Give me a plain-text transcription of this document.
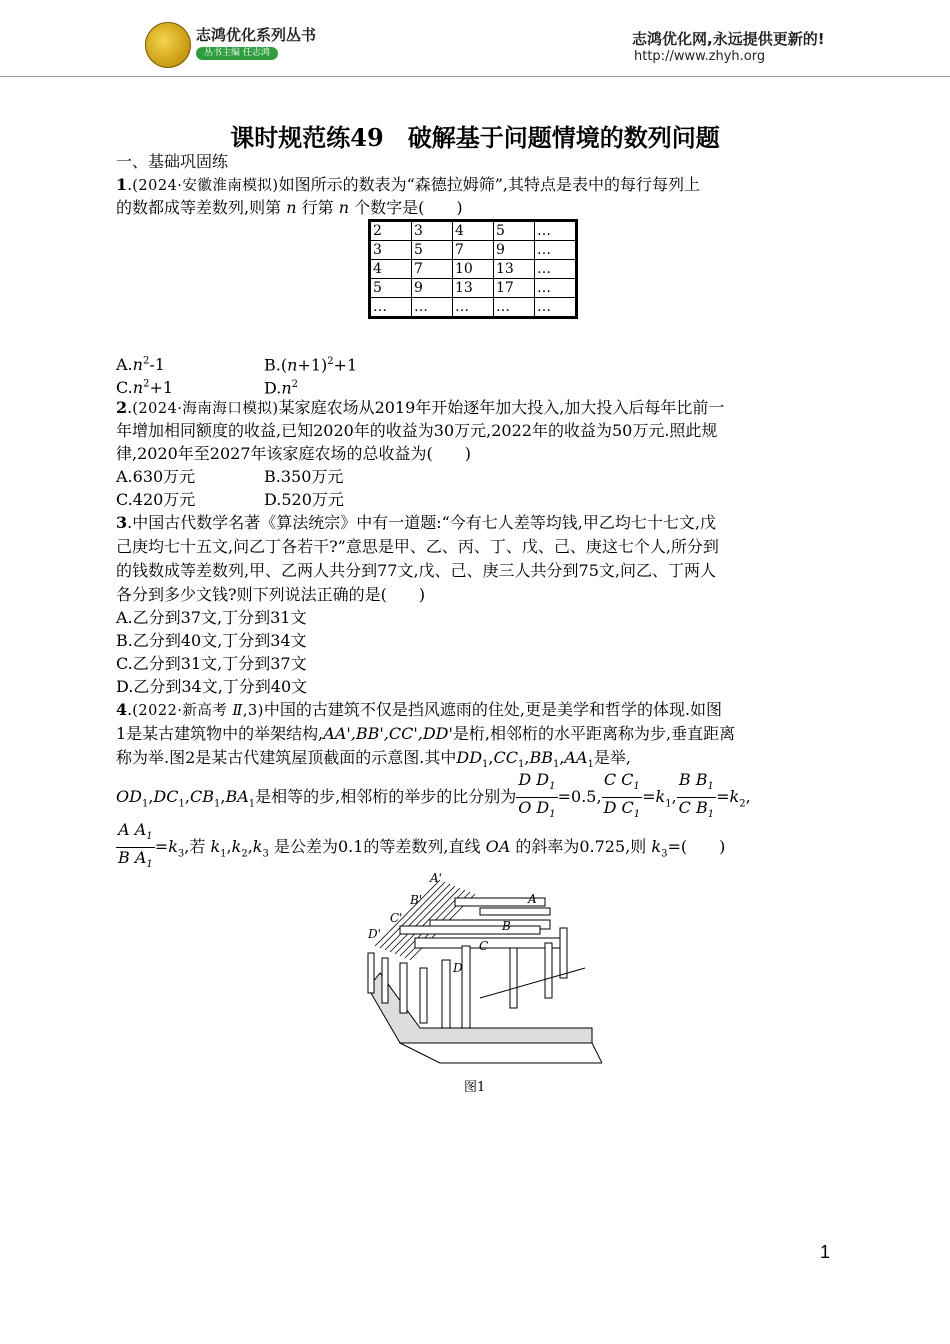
志鸿优化系列丛书
丛书主编 任志鸿
志鸿优化网,永远提供更新的!
http://www.zhyh.org
课时规范练49　破解基于问题情境的数列问题
一、基础巩固练
1.(2024·安徽淮南模拟)如图所示的数表为“森德拉姆筛”,其特点是表中的每行每列上
的数都成等差数列,则第 n 行第 n 个数字是(　　)
2	3	4	5	…
3	5	7	9	…
4	7	10	13	…
5	9	13	17	…
…	…	…	…	…
$A.n^2-1$	$B.(n+1)^2+1$
$C.n^2+1$	$D.n^2$
2.(2024·海南海口模拟)某家庭农场从2019年开始逐年加大投入,加大投入后每年比前一
年增加相同额度的收益,已知2020年的收益为30万元,2022年的收益为50万元.照此规
律,2020年至2027年该家庭农场的总收益为(　　)
A.630万元	B.350万元
C.420万元	D.520万元
3.中国古代数学名著《算法统宗》中有一道题:“今有七人差等均钱,甲乙均七十七文,戊
己庚均七十五文,问乙丁各若干?”意思是甲、乙、丙、丁、戊、己、庚这七个人,所分到
的钱数成等差数列,甲、乙两人共分到77文,戊、己、庚三人共分到75文,问乙、丁两人
各分到多少文钱?则下列说法正确的是(　　)
A.乙分到37文,丁分到31文
B.乙分到40文,丁分到34文
C.乙分到31文,丁分到37文
D.乙分到34文,丁分到40文
4.(2022·新高考 Ⅱ,3)中国的古建筑不仅是挡风遮雨的住处,更是美学和哲学的体现.如图
1是某古建筑物中的举架结构,AA',BB',CC',DD'是桁,相邻桁的水平距离称为步,垂直距离
称为举.图2是某古代建筑屋顶截面的示意图.其中$DD_1,CC_1,BB_1,AA_1$是举,
$OD_1,DC_1,CB_1,BA_1$是相等的步,相邻桁的举步的比分别为 $\frac{D D_1}{O D_1} =0.5$, $\frac{C C_1}{D C_1} =k_1$, $\frac{B B_1}{C B_1} =k_2$,
$\frac{A A_1}{B A_1} =k_3$,若 $k_1,k_2,k_3$ 是公差为0.1的等差数列,直线 OA 的斜率为0.725,则 $k_3=$(　　)
A'
B'
C'
D'
A
B
C
D
图1
1
